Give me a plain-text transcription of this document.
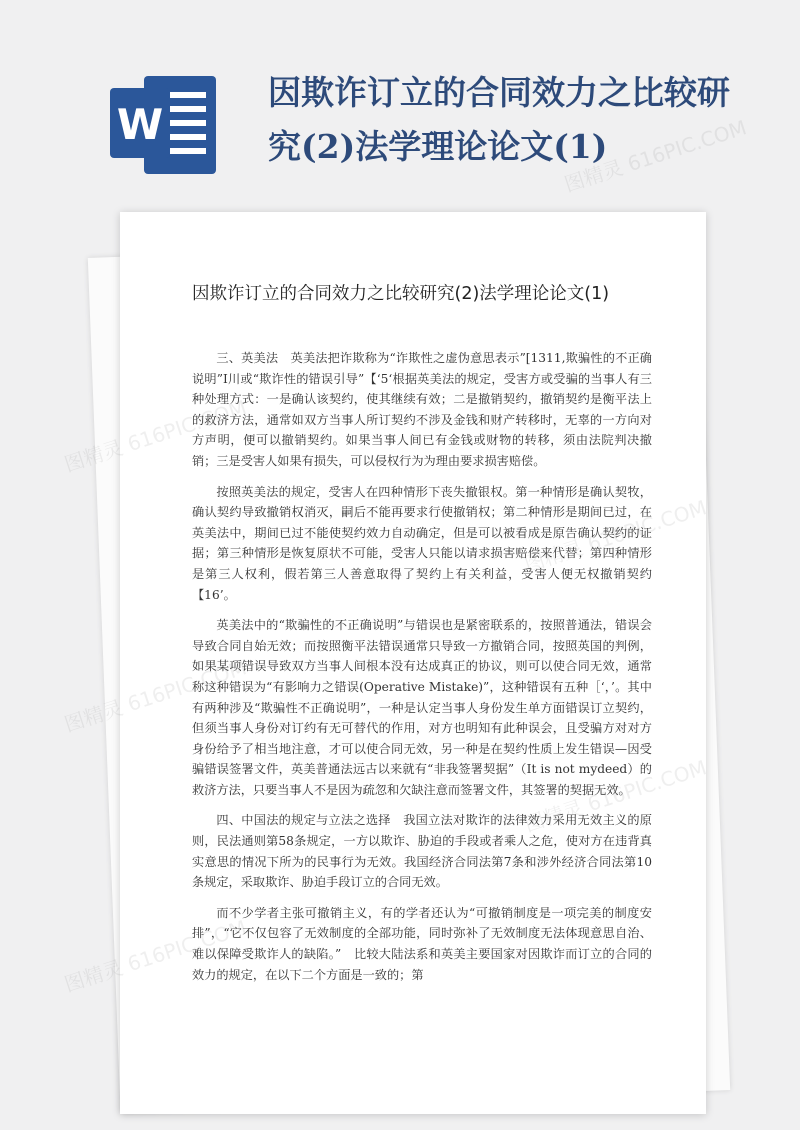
W
因欺诈订立的合同效力之比较研究(2)法学理论论文(1)
因欺诈订立的合同效力之比较研究(2)法学理论论文(1)

三、英美法　英美法把诈欺称为“诈欺性之虚伪意思表示”[1311,欺骗性的不正确说明”I川或“欺诈性的错误引导”【‘5‘根据英美法的规定，受害方或受骗的当事人有三种处理方式：一是确认该契约，使其继续有效；二是撤销契约，撤销契约是衡平法上的救济方法，通常如双方当事人所订契约不涉及金钱和财产转移时，无辜的一方向对方声明，便可以撤销契约。如果当事人间已有金钱或财物的转移，须由法院判决撤销；三是受害人如果有损失，可以侵权行为为理由要求损害赔偿。

按照英美法的规定，受害人在四种情形下丧失撤银权。第一种情形是确认契牧，确认契约导致撤销权消灭，嗣后不能再要求行使撤销权；第二种情形是期间已过，在英美法中，期间已过不能使契约效力自动确定，但是可以被看成是原告确认契约的证据；第三种情形是恢复原状不可能，受害人只能以请求损害赔偿来代替；第四种情形是第三人权利，假若第三人善意取得了契约上有关利益，受害人便无权撤销契约【16’。

英美法中的“欺骗性的不正确说明”与错误也是紧密联系的，按照普通法，错误会导致合同自始无效；而按照衡平法错误通常只导致一方撤销合同，按照英国的判例，如果某项错误导致双方当事人间根本没有达成真正的协议，则可以使合同无效，通常称这种错误为“有影响力之错误(Operative Mistake)”，这种错误有五种［‘，’。其中有两种涉及“欺骗性不正确说明”，一种是认定当事人身份发生单方面错误订立契约，但须当事人身份对订约有无可替代的作用，对方也明知有此种误会，且受骗方对对方身份给予了相当地注意，才可以使合同无效，另一种是在契约性质上发生错误—因受骗错误签署文件，英美普通法远古以来就有“非我签署契据”（It is not mydeed）的救济方法，只要当事人不是因为疏忽和欠缺注意而签署文件，其签署的契据无效。

四、中国法的规定与立法之选择　我国立法对欺诈的法律效力采用无效主义的原则，民法通则第58条规定，一方以欺诈、胁迫的手段或者乘人之危，使对方在违背真实意思的情况下所为的民事行为无效。我国经济合同法第7条和涉外经济合同法第10条规定，采取欺诈、胁迫手段订立的合同无效。

而不少学者主张可撤销主义，有的学者还认为“可撤销制度是一项完美的制度安排”，“它不仅包容了无效制度的全部功能，同时弥补了无效制度无法体现意思自治、难以保障受欺诈人的缺陷。”　比较大陆法系和英美主要国家对因欺诈而订立的合同的效力的规定，在以下二个方面是一致的；第

图精灵
图精灵
图精灵
图精灵 616PIC.COM
